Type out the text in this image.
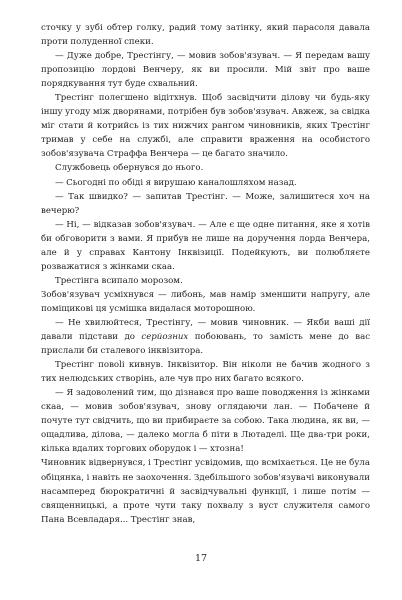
сточку у зубі обтер голку, радий тому затінку, який парасоля давала проти полуденної спеки.

— Дуже добре, Трестінгу, — мовив зобов'язувач. — Я передам вашу пропозицію лордові Венчеру, як ви просили. Мій звіт про ваше порядкування тут буде схвальний.

Трестінг полегшено відітхнув. Щоб засвідчити ділову чи будь-яку іншу угоду між дворянами, потрібен був зобов'язувач. Авжеж, за свідка міг стати й котрийсь із тих нижчих рангом чиновників, яких Трестінг тримав у себе на службі, але справити враження на особистого зобов'язувача Страффа Венчера — це багато значило.

Службовець обернувся до нього.

— Сьогодні по обіді я вирушаю каналошляхом назад.

— Так швидко? — запитав Трестінг. — Може, залишитеся хоч на вечерю?

— Ні, — відказав зобов'язувач. — Але є ще одне питання, яке я хотів би обговорити з вами. Я прибув не лише на доручення лорда Венчера, але й у справах Кантону Інквізиції. Подейкують, ви полюбляєте розважатися з жінками скаа.

Трестінга всипало морозом.

Зобов'язувач усміхнувся — либонь, мав намір зменшити напругу, але поміщикові ця усмішка видалася моторошною.

— Не хвилюйтеся, Трестінгу, — мовив чиновник. — Якби ваші дії давали підстави до серйозних побоювань, то замість мене до вас прислали би сталевого інквізитора.

Трестінг повolі кивнув. Інквізитор. Він ніколи не бачив жодного з тих нелюдських створінь, але чув про них багато всякого.

— Я задоволений тим, що дізнався про ваше поводження із жінками скаа, — мовив зобов'язувач, знову оглядаючи лан. — Побачене й почуте тут свідчить, що ви прибираєте за собою. Така людина, як ви, — ощадлива, ділова, — далеко могла б піти в Лютаделі. Ще два-три роки, кілька вдалих торгових оборудок і — хтозна!

Чиновник відвернувся, і Трестінг усвідомив, що всміхається. Це не була обіцянка, і навіть не заохочення. Здебільшого зобов'язувачі виконували насамперед бюрократичні й засвідчувальні функції, і лише потім — священницькі, а проте чути таку похвалу з вуст служителя самого Пана Всевладаря... Трестінг знав,

17
